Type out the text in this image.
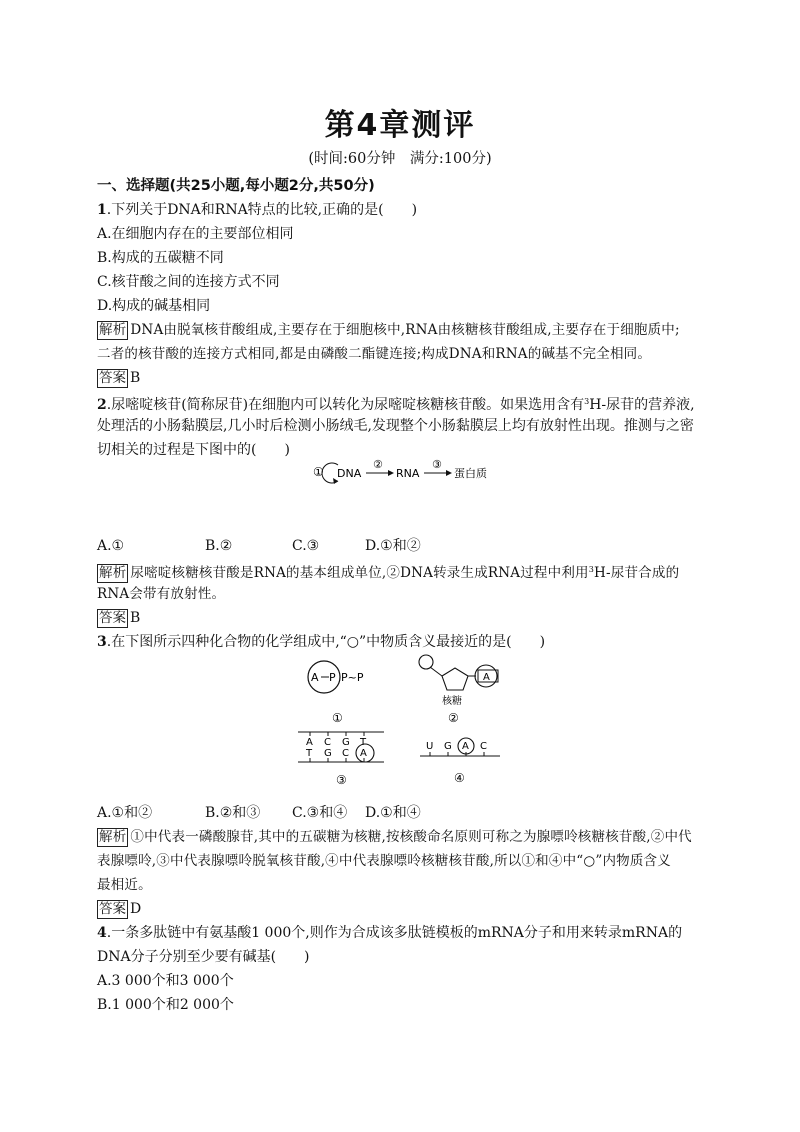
第4章测评
(时间:60分钟　满分:100分)
一、选择题(共25小题,每小题2分,共50分)
1.下列关于DNA和RNA特点的比较,正确的是(　　)
A.在细胞内存在的主要部位相同
B.构成的五碳糖不同
C.核苷酸之间的连接方式不同
D.构成的碱基相同
解析 DNA由脱氧核苷酸组成,主要存在于细胞核中,RNA由核糖核苷酸组成,主要存在于细胞质中;
二者的核苷酸的连接方式相同,都是由磷酸二酯键连接;构成DNA和RNA的碱基不完全相同。
答案 B
2.尿嘧啶核苷(简称尿苷)在细胞内可以转化为尿嘧啶核糖核苷酸。如果选用含有$^3$H-尿苷的营养液,
处理活的小肠黏膜层,几小时后检测小肠绒毛,发现整个小肠黏膜层上均有放射性出现。推测与之密
切相关的过程是下图中的(　　)
① DNA
②
RNA
③
蛋白质
A.①	B.②	C.③	D.①和②
解析 尿嘧啶核糖核苷酸是RNA的基本组成单位,②DNA转录生成RNA过程中利用$^3$H-尿苷合成的
RNA会带有放射性。
答案 B
3.在下图所示四种化合物的化学组成中,“○”中物质含义最接近的是(　　)
A P P~P
①
A
核糖
②
A C G T
T G C A
③
U G A C
④
A.①和②	B.②和③ C.③和④ D.①和④
解析 ①中代表一磷酸腺苷,其中的五碳糖为核糖,按核酸命名原则可称之为腺嘌呤核糖核苷酸,②中代
表腺嘌呤,③中代表腺嘌呤脱氧核苷酸,④中代表腺嘌呤核糖核苷酸,所以①和④中“○”内物质含义
最相近。
答案 D
4.一条多肽链中有氨基酸1 000个,则作为合成该多肽链模板的mRNA分子和用来转录mRNA的
DNA分子分别至少要有碱基(　　)
A.3 000个和3 000个
B.1 000个和2 000个
